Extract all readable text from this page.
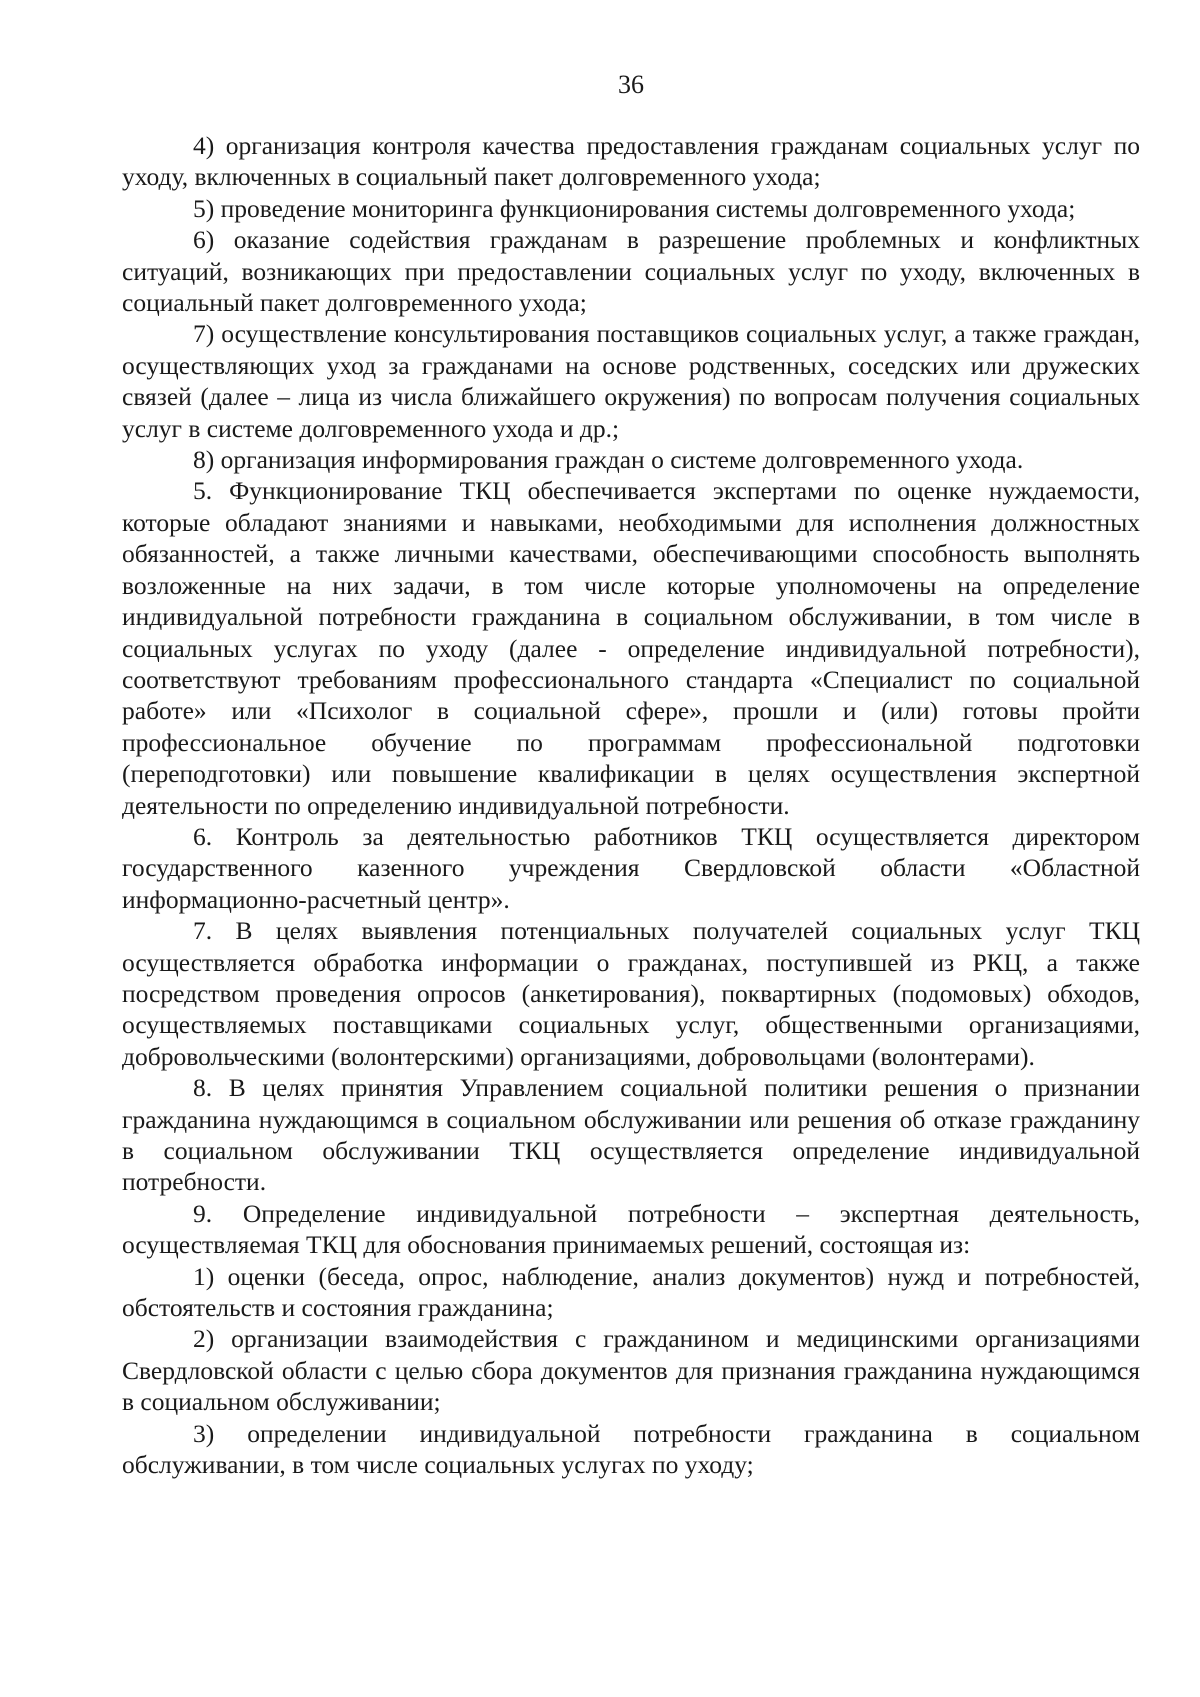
36

4) организация контроля качества предоставления гражданам социальных услуг по уходу, включенных в социальный пакет долговременного ухода;

5) проведение мониторинга функционирования системы долговременного ухода;

6) оказание содействия гражданам в разрешение проблемных и конфликтных ситуаций, возникающих при предоставлении социальных услуг по уходу, включенных в социальный пакет долговременного ухода;

7) осуществление консультирования поставщиков социальных услуг, а также граждан, осуществляющих уход за гражданами на основе родственных, соседских или дружеских связей (далее – лица из числа ближайшего окружения) по вопросам получения социальных услуг в системе долговременного ухода и др.;

8) организация информирования граждан о системе долговременного ухода.

5. Функционирование ТКЦ обеспечивается экспертами по оценке нуждаемости, которые обладают знаниями и навыками, необходимыми для исполнения должностных обязанностей, а также личными качествами, обеспечивающими способность выполнять возложенные на них задачи, в том числе которые уполномочены на определение индивидуальной потребности гражданина в социальном обслуживании, в том числе в социальных услугах по уходу (далее - определение индивидуальной потребности), соответствуют требованиям профессионального стандарта «Специалист по социальной работе» или «Психолог в социальной сфере», прошли и (или) готовы пройти профессиональное обучение по программам профессиональной подготовки (переподготовки) или повышение квалификации в целях осуществления экспертной деятельности по определению индивидуальной потребности.

6. Контроль за деятельностью работников ТКЦ осуществляется директором государственного казенного учреждения Свердловской области «Областной информационно-расчетный центр».

7. В целях выявления потенциальных получателей социальных услуг ТКЦ осуществляется обработка информации о гражданах, поступившей из РКЦ, а также посредством проведения опросов (анкетирования), поквартирных (подомовых) обходов, осуществляемых поставщиками социальных услуг, общественными организациями, добровольческими (волонтерскими) организациями, добровольцами (волонтерами).

8. В целях принятия Управлением социальной политики решения о признании гражданина нуждающимся в социальном обслуживании или решения об отказе гражданину в социальном обслуживании ТКЦ осуществляется определение индивидуальной потребности.

9. Определение индивидуальной потребности – экспертная деятельность, осуществляемая ТКЦ для обоснования принимаемых решений, состоящая из:

1) оценки (беседа, опрос, наблюдение, анализ документов) нужд и потребностей, обстоятельств и состояния гражданина;

2) организации взаимодействия с гражданином и медицинскими организациями Свердловской области с целью сбора документов для признания гражданина нуждающимся в социальном обслуживании;

3) определении индивидуальной потребности гражданина в социальном обслуживании, в том числе социальных услугах по уходу;
